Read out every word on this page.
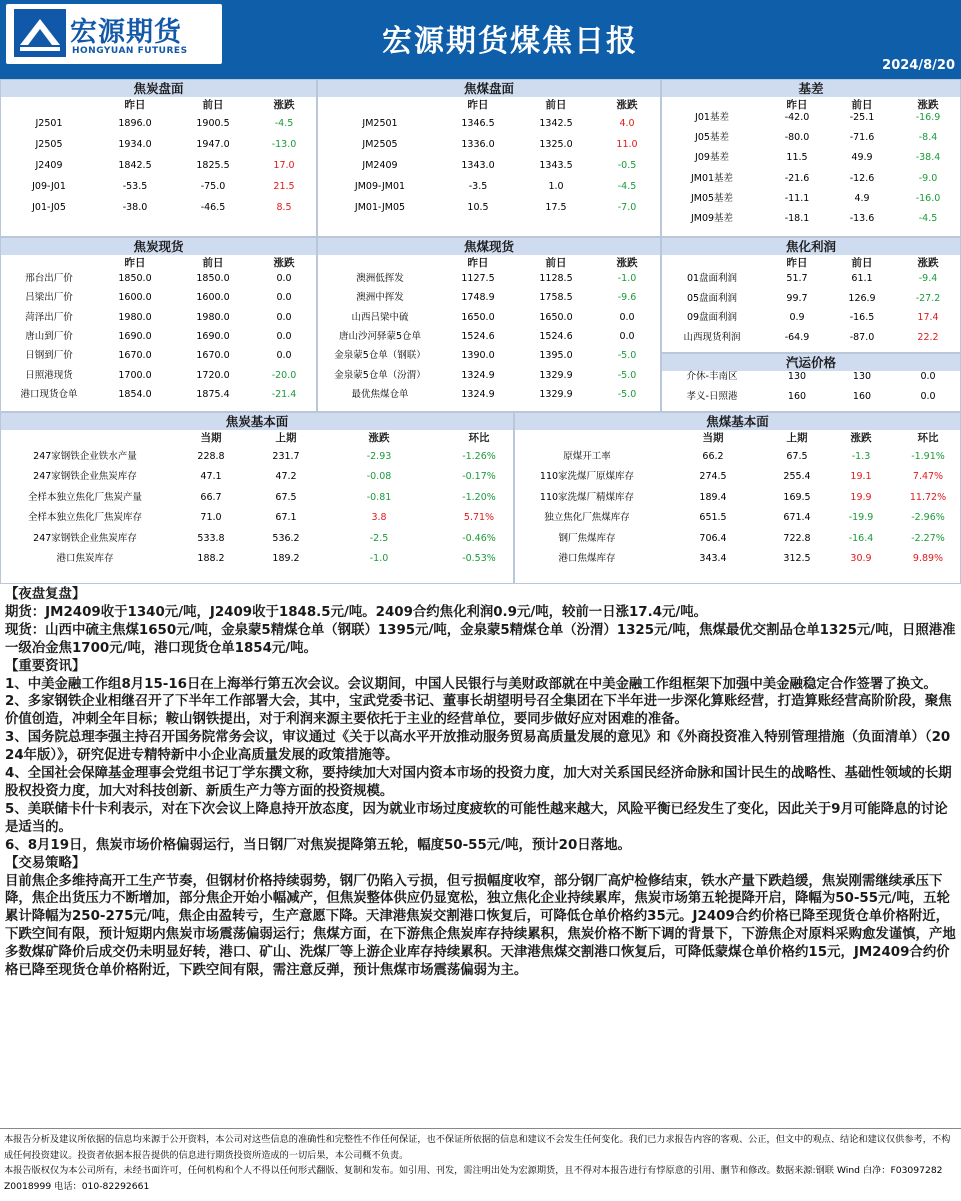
宏源期货
HONGYUAN FUTURES	宏源期货煤焦日报
2024/8/20
焦炭盘面
昨日	前日	涨跌
J2501	1896.0	1900.5	-4.5
J2505	1934.0	1947.0	-13.0
J2409	1842.5	1825.5	17.0
J09-J01	-53.5	-75.0	21.5
J01-J05	-38.0	-46.5	8.5
焦煤盘面
昨日	前日	涨跌
JM2501	1346.5	1342.5	4.0
JM2505	1336.0	1325.0	11.0
JM2409	1343.0	1343.5	-0.5
JM09-JM01	-3.5	1.0	-4.5
JM01-JM05	10.5	17.5	-7.0
基差
昨日	前日	涨跌
J01基差	-42.0	-25.1	-16.9
J05基差	-80.0	-71.6	-8.4
J09基差	11.5	49.9	-38.4
JM01基差	-21.6	-12.6	-9.0
JM05基差	-11.1	4.9	-16.0
JM09基差	-18.1	-13.6	-4.5
焦炭现货
昨日	前日	涨跌
邢台出厂价	1850.0	1850.0	0.0
吕梁出厂价	1600.0	1600.0	0.0
菏泽出厂价	1980.0	1980.0	0.0
唐山到厂价	1690.0	1690.0	0.0
日钢到厂价	1670.0	1670.0	0.0
日照港现货	1700.0	1720.0	-20.0
港口现货仓单	1854.0	1875.4	-21.4
焦煤现货
昨日	前日	涨跌
澳洲低挥发	1127.5	1128.5	-1.0
澳洲中挥发	1748.9	1758.5	-9.6
山西吕梁中硫	1650.0	1650.0	0.0
唐山沙河驿蒙5仓单	1524.6	1524.6	0.0
金泉蒙5仓单（钢联）	1390.0	1395.0	-5.0
金泉蒙5仓单（汾渭）	1324.9	1329.9	-5.0
最优焦煤仓单	1324.9	1329.9	-5.0
焦化利润
昨日	前日	涨跌
01盘面利润	51.7	61.1	-9.4
05盘面利润	99.7	126.9	-27.2
09盘面利润	0.9	-16.5	17.4
山西现货利润	-64.9	-87.0	22.2
汽运价格
介休-丰南区	130	130	0.0
孝义-日照港	160	160	0.0
焦炭基本面
当期	上期	涨跌	环比
247家钢铁企业铁水产量	228.8	231.7	-2.93	-1.26%
247家钢铁企业焦炭库存	47.1	47.2	-0.08	-0.17%
全样本独立焦化厂焦炭产量	66.7	67.5	-0.81	-1.20%
全样本独立焦化厂焦炭库存	71.0	67.1	3.8	5.71%
247家钢铁企业焦炭库存	533.8	536.2	-2.5	-0.46%
港口焦炭库存	188.2	189.2	-1.0	-0.53%
焦煤基本面
当期	上期	涨跌	环比
原煤开工率	66.2	67.5	-1.3	-1.91%
110家洗煤厂原煤库存	274.5	255.4	19.1	7.47%
110家洗煤厂精煤库存	189.4	169.5	19.9	11.72%
独立焦化厂焦煤库存	651.5	671.4	-19.9	-2.96%
钢厂焦煤库存	706.4	722.8	-16.4	-2.27%
港口焦煤库存	343.4	312.5	30.9	9.89%

【夜盘复盘】

期货：JM2409收于1340元/吨，J2409收于1848.5元/吨。2409合约焦化利润0.9元/吨，较前一日涨17.4元/吨。

现货：山西中硫主焦煤1650元/吨，金泉蒙5精煤仓单（钢联）1395元/吨，金泉蒙5精煤仓单（汾渭）1325元/吨，焦煤最优交割品仓单1325元/吨，日照港准一级冶金焦1700元/吨，港口现货仓单1854元/吨。

【重要资讯】

1、中美金融工作组8月15-16日在上海举行第五次会议。会议期间，中国人民银行与美财政部就在中美金融工作组框架下加强中美金融稳定合作签署了换文。

2、多家钢铁企业相继召开了下半年工作部署大会，其中，宝武党委书记、董事长胡望明号召全集团在下半年进一步深化算账经营，打造算账经营高阶阶段，聚焦价值创造，冲刺全年目标；鞍山钢铁提出，对于利润来源主要依托于主业的经营单位，要同步做好应对困难的准备。

3、国务院总理李强主持召开国务院常务会议，审议通过《关于以高水平开放推动服务贸易高质量发展的意见》和《外商投资准入特别管理措施（负面清单）（2024年版）》，研究促进专精特新中小企业高质量发展的政策措施等。

4、全国社会保障基金理事会党组书记丁学东撰文称，要持续加大对国内资本市场的投资力度，加大对关系国民经济命脉和国计民生的战略性、基础性领域的长期股权投资力度，加大对科技创新、新质生产力等方面的投资规模。

5、美联储卡什卡利表示，对在下次会议上降息持开放态度，因为就业市场过度疲软的可能性越来越大，风险平衡已经发生了变化，因此关于9月可能降息的讨论是适当的。

6、8月19日，焦炭市场价格偏弱运行，当日钢厂对焦炭提降第五轮，幅度50-55元/吨，预计20日落地。

【交易策略】

目前焦企多维持高开工生产节奏，但钢材价格持续弱势，钢厂仍陷入亏损，但亏损幅度收窄，部分钢厂高炉检修结束，铁水产量下跌趋缓，焦炭刚需继续承压下降，焦企出货压力不断增加，部分焦企开始小幅减产，但焦炭整体供应仍显宽松，独立焦化企业持续累库，焦炭市场第五轮提降开启，降幅为50-55元/吨，五轮累计降幅为250-275元/吨，焦企由盈转亏，生产意愿下降。天津港焦炭交割港口恢复后，可降低仓单价格约35元。J2409合约价格已降至现货仓单价格附近，下跌空间有限，预计短期内焦炭市场震荡偏弱运行；焦煤方面，在下游焦企焦炭库存持续累积，焦炭价格不断下调的背景下，下游焦企对原料采购愈发谨慎，产地多数煤矿降价后成交仍未明显好转，港口、矿山、洗煤厂等上游企业库存持续累积。天津港焦煤交割港口恢复后，可降低蒙煤仓单价格约15元，JM2409合约价格已降至现货仓单价格附近，下跌空间有限，需注意反弹，预计焦煤市场震荡偏弱为主。

本报告分析及建议所依据的信息均来源于公开资料，本公司对这些信息的准确性和完整性不作任何保证，也不保证所依据的信息和建议不会发生任何变化。我们已力求报告内容的客观、公正，但文中的观点、结论和建议仅供参考，不构成任何投资建议。投资者依据本报告提供的信息进行期货投资所造成的一切后果，本公司概不负责。

本报告版权仅为本公司所有，未经书面许可，任何机构和个人不得以任何形式翻版、复制和发布。如引用、刊发，需注明出处为宏源期货，且不得对本报告进行有悖原意的引用、删节和修改。数据来源:钢联 Wind 白净：F03097282 Z0018999 电话：010-82292661
